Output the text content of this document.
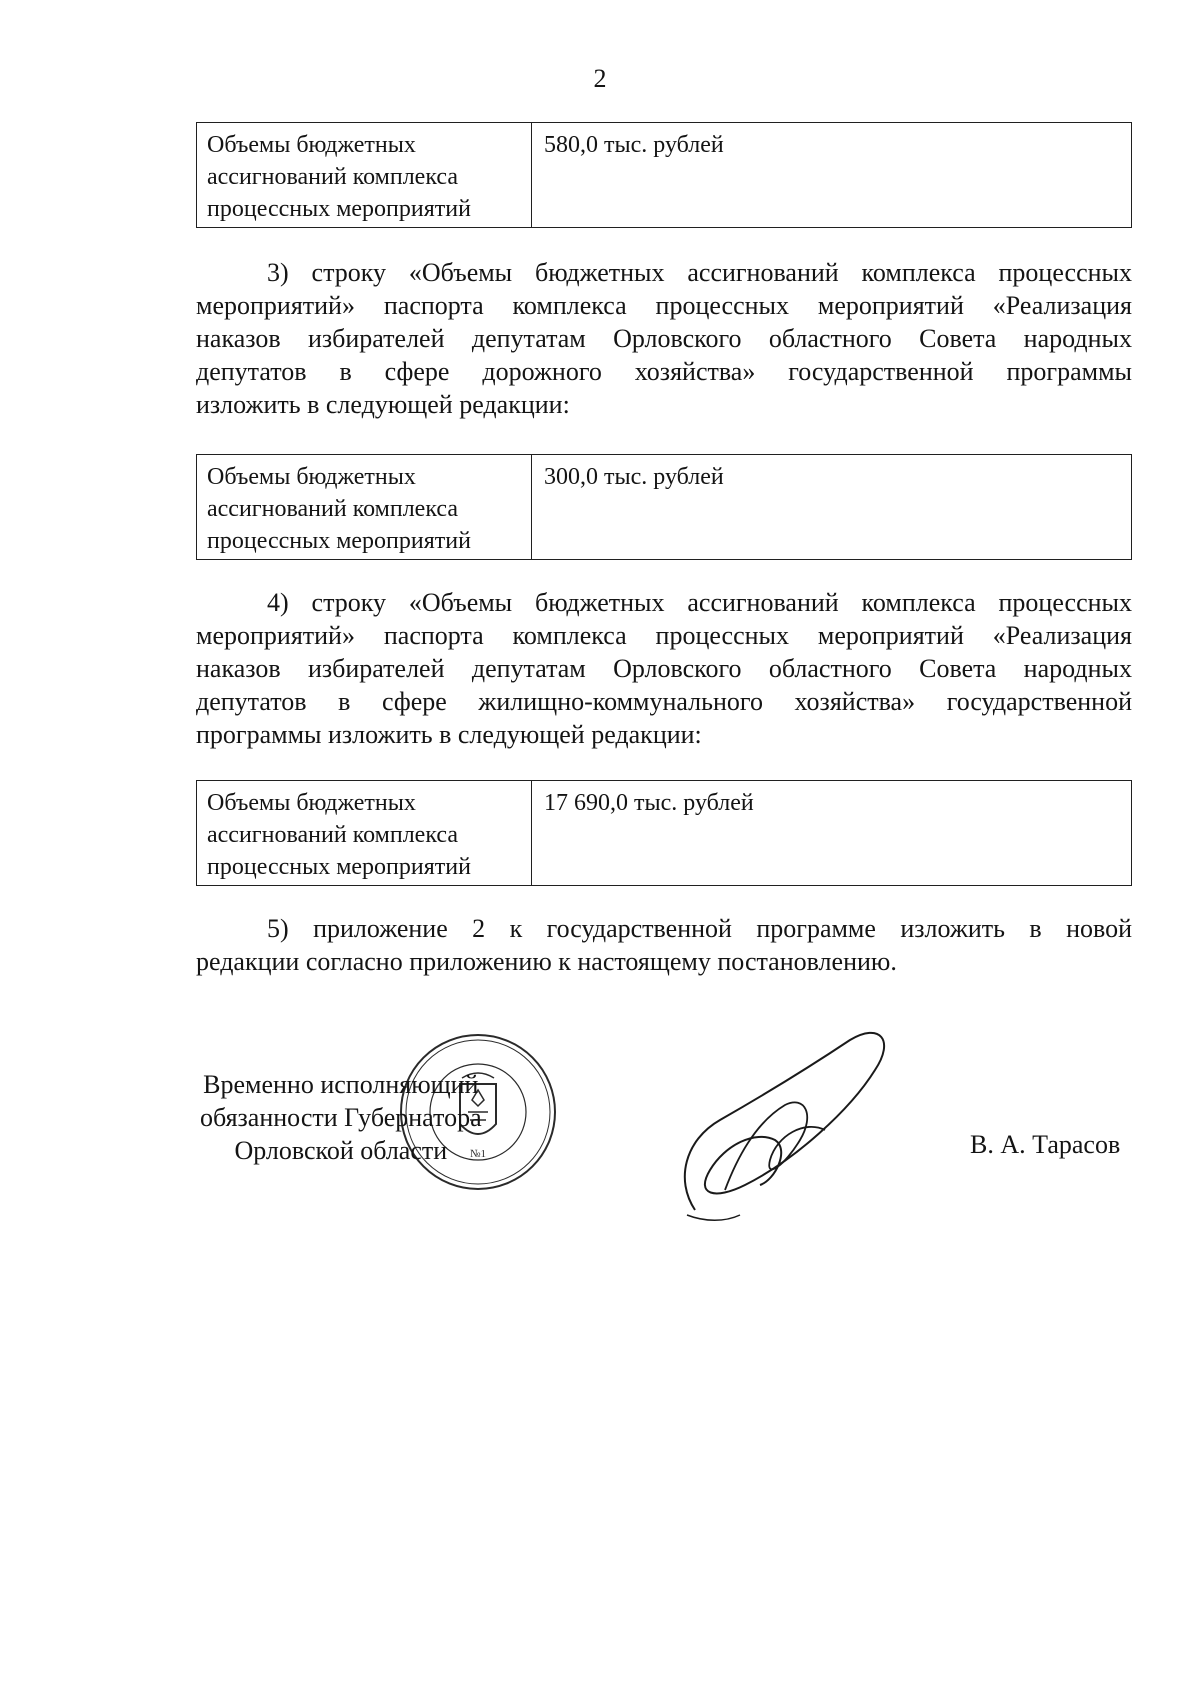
2
Объемы бюджетных
ассигнований комплекса
процессных мероприятий
580,0 тыс. рублей
3) строку «Объемы бюджетных ассигнований комплекса процессных
мероприятий» паспорта комплекса процессных мероприятий «Реализация
наказов избирателей депутатам Орловского областного Совета народных
депутатов в сфере дорожного хозяйства» государственной программы
изложить в следующей редакции:
Объемы бюджетных
ассигнований комплекса
процессных мероприятий
300,0 тыс. рублей
4) строку «Объемы бюджетных ассигнований комплекса процессных
мероприятий» паспорта комплекса процессных мероприятий «Реализация
наказов избирателей депутатам Орловского областного Совета народных
депутатов в сфере жилищно-коммунального хозяйства» государственной
программы изложить в следующей редакции:
Объемы бюджетных
ассигнований комплекса
процессных мероприятий
17 690,0 тыс. рублей
5) приложение 2 к государственной программе изложить в новой
редакции согласно приложению к настоящему постановлению.
№1
Временно исполняющий
обязанности Губернатора
Орловской области	В. А. Тарасов
